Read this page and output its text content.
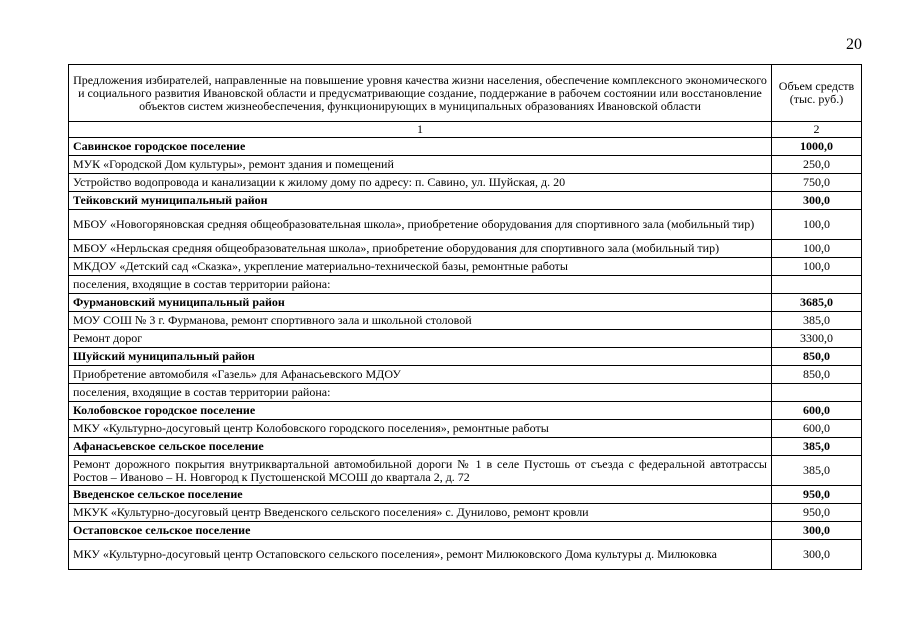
20
Предложения избирателей, направленные на повышение уровня качества жизни населения, обеспечение комплексного экономического и социального развития Ивановской области и предусматривающие создание, поддержание в рабочем состоянии или восстановление объектов систем жизнеобеспечения, функционирующих в муниципальных образованиях Ивановской области	Объем средств (тыс. руб.)
1	2
Савинское городское поселение	1000,0
МУК «Городской Дом культуры», ремонт здания и помещений	250,0
Устройство водопровода и канализации к жилому дому по адресу: п. Савино, ул. Шуйская, д. 20	750,0
Тейковский муниципальный район	300,0
МБОУ «Новогоряновская средняя общеобразовательная школа», приобретение оборудования для спортивного зала (мобильный тир)	100,0
МБОУ «Нерльская средняя общеобразовательная школа», приобретение оборудования для спортивного зала (мобильный тир)	100,0
МКДОУ «Детский сад «Сказка», укрепление материально-технической базы, ремонтные работы	100,0
поселения, входящие в состав территории района:	
Фурмановский муниципальный район	3685,0
МОУ СОШ № 3 г. Фурманова, ремонт спортивного зала и школьной столовой	385,0
Ремонт дорог	3300,0
Шуйский муниципальный район	850,0
Приобретение автомобиля «Газель» для Афанасьевского МДОУ	850,0
поселения, входящие в состав территории района:	
Колобовское городское поселение	600,0
МКУ «Культурно-досуговый центр Колобовского городского поселения», ремонтные работы	600,0
Афанасьевское сельское поселение	385,0
Ремонт дорожного покрытия внутриквартальной автомобильной дороги № 1 в селе Пустошь от съезда с федеральной автотрассы Ростов – Иваново – Н. Новгород к Пустошенской МСОШ до квартала 2, д. 72	385,0
Введенское сельское поселение	950,0
МКУК «Культурно-досуговый центр Введенского сельского поселения» с. Дунилово, ремонт кровли	950,0
Остаповское сельское поселение	300,0
МКУ «Культурно-досуговый центр Остаповского сельского поселения», ремонт Милюковского Дома культуры д. Милюковка	300,0
